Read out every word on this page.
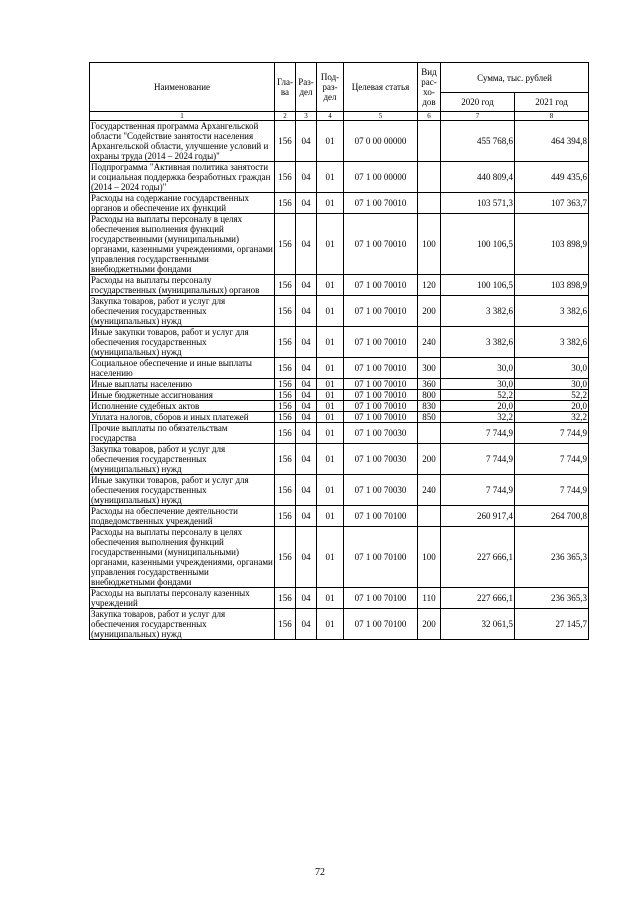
Наименование	Гла-ва	Раз-дел	Под-раз-дел	Целевая статья	Вид рас-хо-дов	Сумма, тыс. рублей	
						2020 год	2021 год
1	2	3	4	5	6	7	8
Государственная программа Архангельской области "Содействие занятости населения Архангельской области, улучшение условий и охраны труда (2014 – 2024 годы)"	156	04	01	07 0 00 00000		455 768,6	464 394,8
Подпрограмма "Активная политика занятости и социальная поддержка безработных граждан (2014 – 2024 годы)"	156	04	01	07 1 00 00000		440 809,4	449 435,6
Расходы на содержание государственных органов и обеспечение их функций	156	04	01	07 1 00 70010		103 571,3	107 363,7
Расходы на выплаты персоналу в целях обеспечения выполнения функций государственными (муниципальными) органами, казенными учреждениями, органами управления государственными внебюджетными фондами	156	04	01	07 1 00 70010	100	100 106,5	103 898,9
Расходы на выплаты персоналу государственных (муниципальных) органов	156	04	01	07 1 00 70010	120	100 106,5	103 898,9
Закупка товаров, работ и услуг для обеспечения государственных (муниципальных) нужд	156	04	01	07 1 00 70010	200	3 382,6	3 382,6
Иные закупки товаров, работ и услуг для обеспечения государственных (муниципальных) нужд	156	04	01	07 1 00 70010	240	3 382,6	3 382,6
Социальное обеспечение и иные выплаты населению	156	04	01	07 1 00 70010	300	30,0	30,0
Иные выплаты населению	156	04	01	07 1 00 70010	360	30,0	30,0
Иные бюджетные ассигнования	156	04	01	07 1 00 70010	800	52,2	52,2
Исполнение судебных актов	156	04	01	07 1 00 70010	830	20,0	20,0
Уплата налогов, сборов и иных платежей	156	04	01	07 1 00 70010	850	32,2	32,2
Прочие выплаты по обязательствам государства	156	04	01	07 1 00 70030		7 744,9	7 744,9
Закупка товаров, работ и услуг для обеспечения государственных (муниципальных) нужд	156	04	01	07 1 00 70030	200	7 744,9	7 744,9
Иные закупки товаров, работ и услуг для обеспечения государственных (муниципальных) нужд	156	04	01	07 1 00 70030	240	7 744,9	7 744,9
Расходы на обеспечение деятельности подведомственных учреждений	156	04	01	07 1 00 70100		260 917,4	264 700,8
Расходы на выплаты персоналу в целях обеспечения выполнения функций государственными (муниципальными) органами, казенными учреждениями, органами управления государственными внебюджетными фондами	156	04	01	07 1 00 70100	100	227 666,1	236 365,3
Расходы на выплаты персоналу казенных учреждений	156	04	01	07 1 00 70100	110	227 666,1	236 365,3
Закупка товаров, работ и услуг для обеспечения государственных (муниципальных) нужд	156	04	01	07 1 00 70100	200	32 061,5	27 145,7
72
